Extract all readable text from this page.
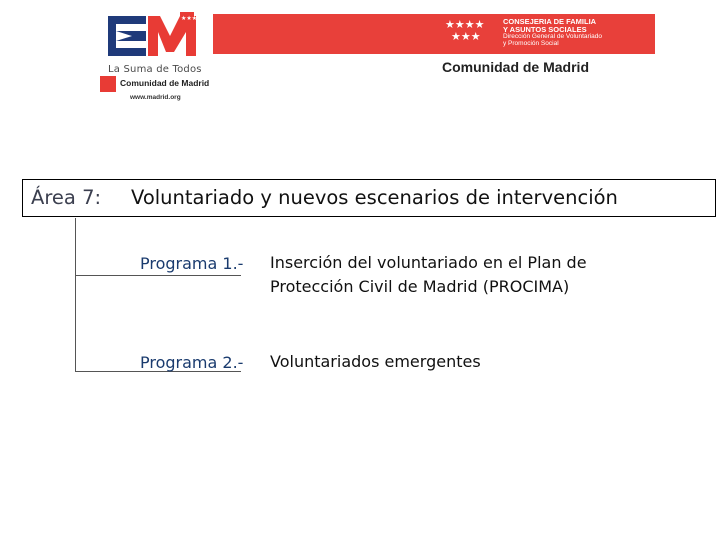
★★★
La Suma de Todos
Comunidad de Madrid
www.madrid.org
★★★★
★★★
CONSEJERIA DE FAMILIA
Y ASUNTOS SOCIALES
Dirección General de Voluntariado
y Promoción Social
Comunidad de Madrid
Área 7: Voluntariado y nuevos escenarios de intervención
Programa 1.- Inserción del voluntariado en el Plan de
Protección Civil de Madrid (PROCIMA)
Programa 2.- Voluntariados emergentes
